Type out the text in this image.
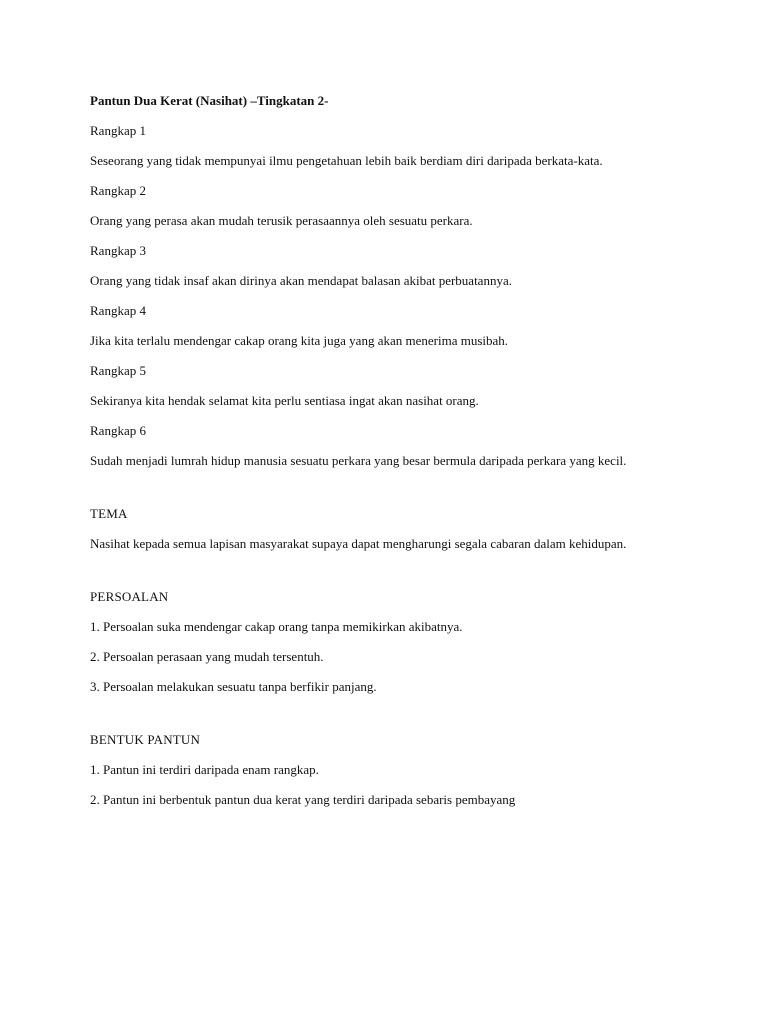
Pantun Dua Kerat (Nasihat) –Tingkatan 2-
Rangkap 1
Seseorang yang tidak mempunyai ilmu pengetahuan lebih baik berdiam diri daripada berkata-kata.
Rangkap 2
Orang yang perasa akan mudah terusik perasaannya oleh sesuatu perkara.
Rangkap 3
Orang yang tidak insaf akan dirinya akan mendapat balasan akibat perbuatannya.
Rangkap 4
Jika kita terlalu mendengar cakap orang kita juga yang akan menerima musibah.
Rangkap 5
Sekiranya kita hendak selamat kita perlu sentiasa ingat akan nasihat orang.
Rangkap 6
Sudah menjadi lumrah hidup manusia sesuatu perkara yang besar bermula daripada perkara yang kecil.
TEMA
Nasihat kepada semua lapisan masyarakat supaya dapat mengharungi segala cabaran dalam kehidupan.
PERSOALAN
1. Persoalan suka mendengar cakap orang tanpa memikirkan akibatnya.
2. Persoalan perasaan yang mudah tersentuh.
3. Persoalan melakukan sesuatu tanpa berfikir panjang.
BENTUK PANTUN
1. Pantun ini terdiri daripada enam rangkap.
2. Pantun ini berbentuk pantun dua kerat yang terdiri daripada sebaris pembayang
